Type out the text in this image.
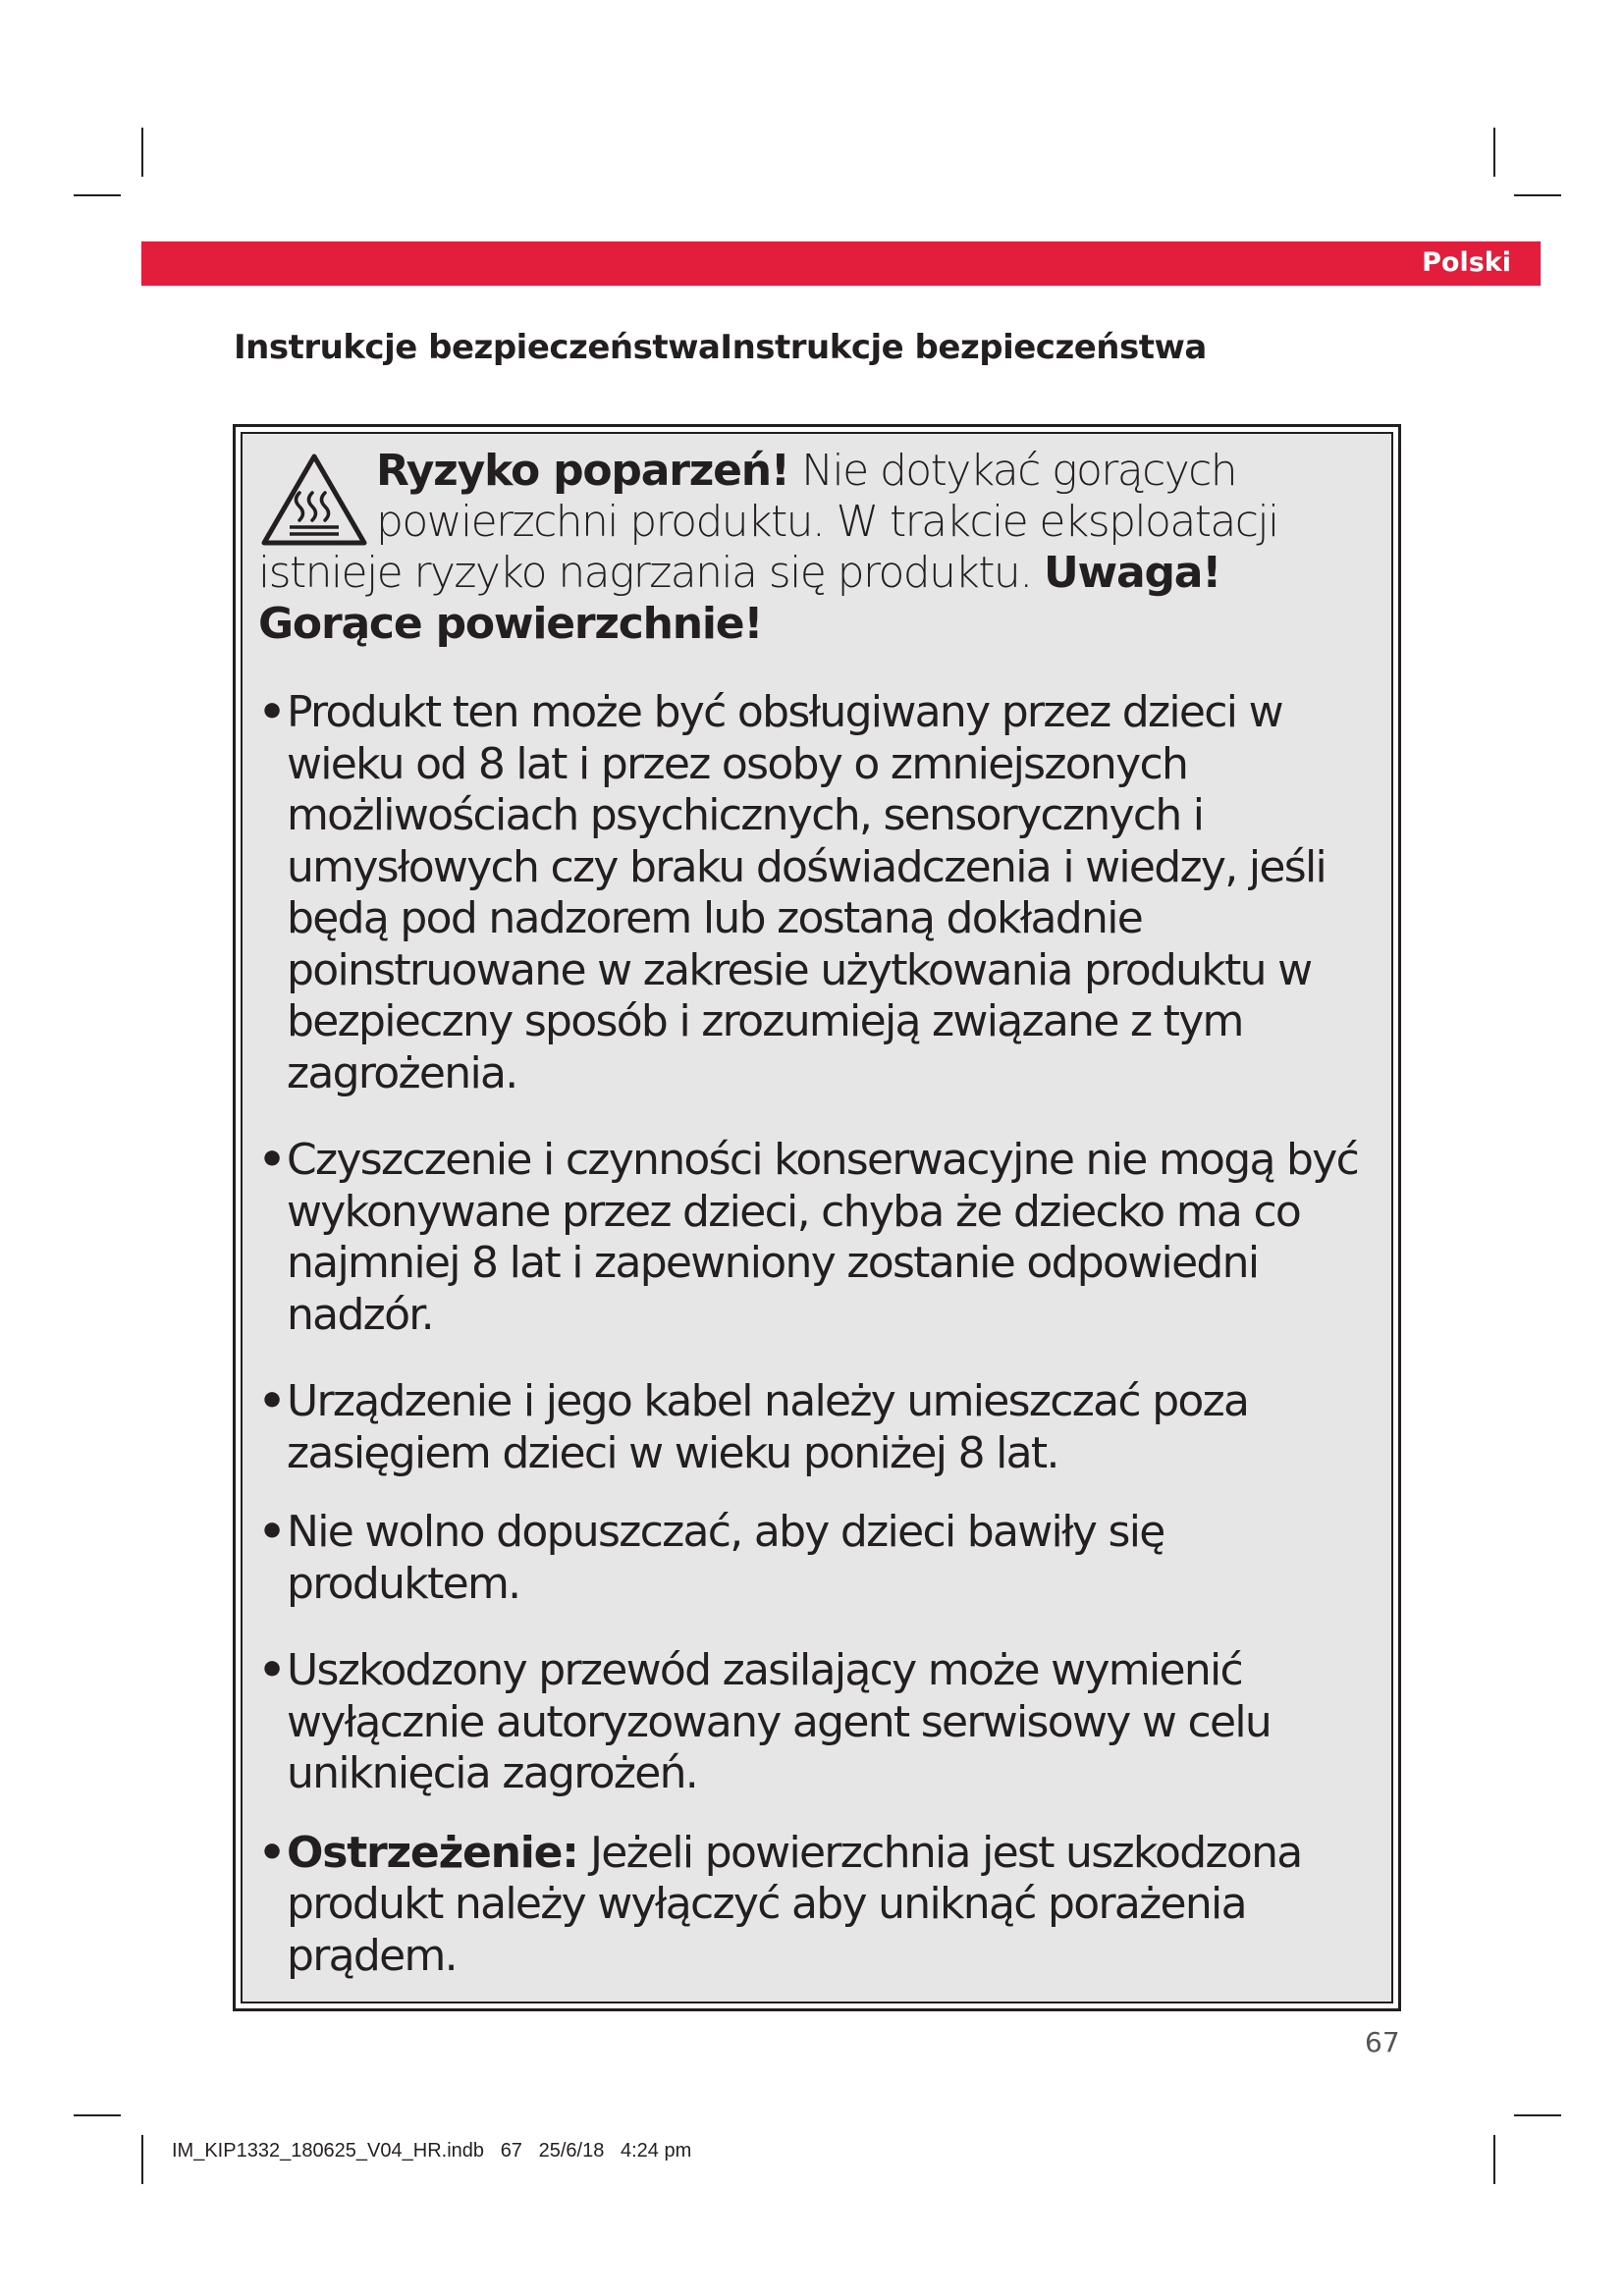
Polski
Instrukcje bezpieczeństwaInstrukcje bezpieczeństwa
Ryzyko poparzeń! Nie dotykać gorących powierzchni produktu. W trakcie eksploatacji istnieje ryzyko nagrzania się produktu. Uwaga! Gorące powierzchnie!
• Produkt ten może być obsługiwany przez dzieci w wieku od 8 lat i przez osoby o zmniejszonych możliwościach psychicznych, sensorycznych i umysłowych czy braku doświadczenia i wiedzy, jeśli będą pod nadzorem lub zostaną dokładnie poinstruowane w zakresie użytkowania produktu w bezpieczny sposób i zrozumieją związane z tym zagrożenia.
• Czyszczenie i czynności konserwacyjne nie mogą być wykonywane przez dzieci, chyba że dziecko ma co najmniej 8 lat i zapewniony zostanie odpowiedni nadzór.
• Urządzenie i jego kabel należy umieszczać poza zasięgiem dzieci w wieku poniżej 8 lat.
• Nie wolno dopuszczać, aby dzieci bawiły się produktem.
• Uszkodzony przewód zasilający może wymienić wyłącznie autoryzowany agent serwisowy w celu uniknięcia zagrożeń.
• Ostrzeżenie: Jeżeli powierzchnia jest uszkodzona produkt należy wyłączyć aby uniknąć porażenia prądem.
67
IM_KIP1332_180625_V04_HR.indb   67   25/6/18   4:24 pm
